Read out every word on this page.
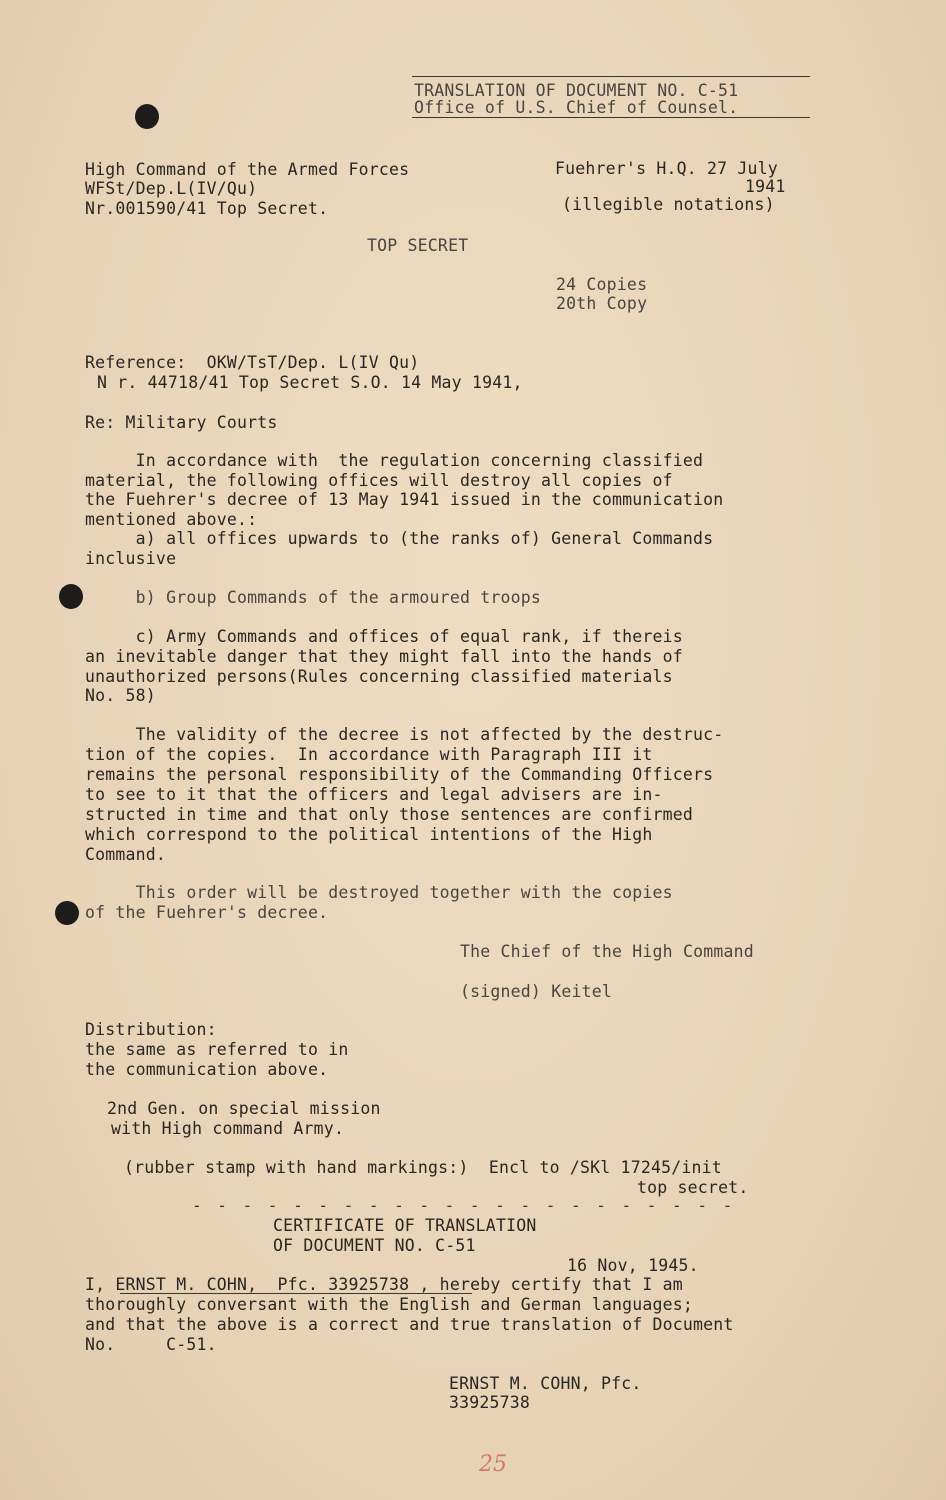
TRANSLATION OF DOCUMENT NO. C-51
Office of U.S. Chief of Counsel.
High Command of the Armed Forces
WFSt/Dep.L(IV/Qu)
Nr.001590/41 Top Secret.
Fuehrer's H.Q. 27 July
1941
(illegible notations)
TOP SECRET
24 Copies
20th Copy
Reference:  OKW/TsT/Dep. L(IV Qu)
N r. 44718/41 Top Secret S.O. 14 May 1941,
Re: Military Courts
In accordance with  the regulation concerning classified
material, the following offices will destroy all copies of
the Fuehrer's decree of 13 May 1941 issued in the communication
mentioned above.:
a) all offices upwards to (the ranks of) General Commands
inclusive
b) Group Commands of the armoured troops
c) Army Commands and offices of equal rank, if thereis
an inevitable danger that they might fall into the hands of
unauthorized persons(Rules concerning classified materials
No. 58)
The validity of the decree is not affected by the destruc-
tion of the copies.  In accordance with Paragraph III it
remains the personal responsibility of the Commanding Officers
to see to it that the officers and legal advisers are in-
structed in time and that only those sentences are confirmed
which correspond to the political intentions of the High
Command.
This order will be destroyed together with the copies
of the Fuehrer's decree.
The Chief of the High Command
(signed) Keitel
Distribution:
the same as referred to in
the communication above.
2nd Gen. on special mission
with High command Army.
(rubber stamp with hand markings:)  Encl to /SKl 17245/init
top secret.
- - - - - - - - - - - - - - - - - - - - - -
CERTIFICATE OF TRANSLATION
OF DOCUMENT NO. C-51
16 Nov, 1945.
I, ERNST M. COHN,  Pfc. 33925738 , hereby certify that I am
thoroughly conversant with the English and German languages;
and that the above is a correct and true translation of Document
No.     C-51.
ERNST M. COHN, Pfc.
33925738
25
